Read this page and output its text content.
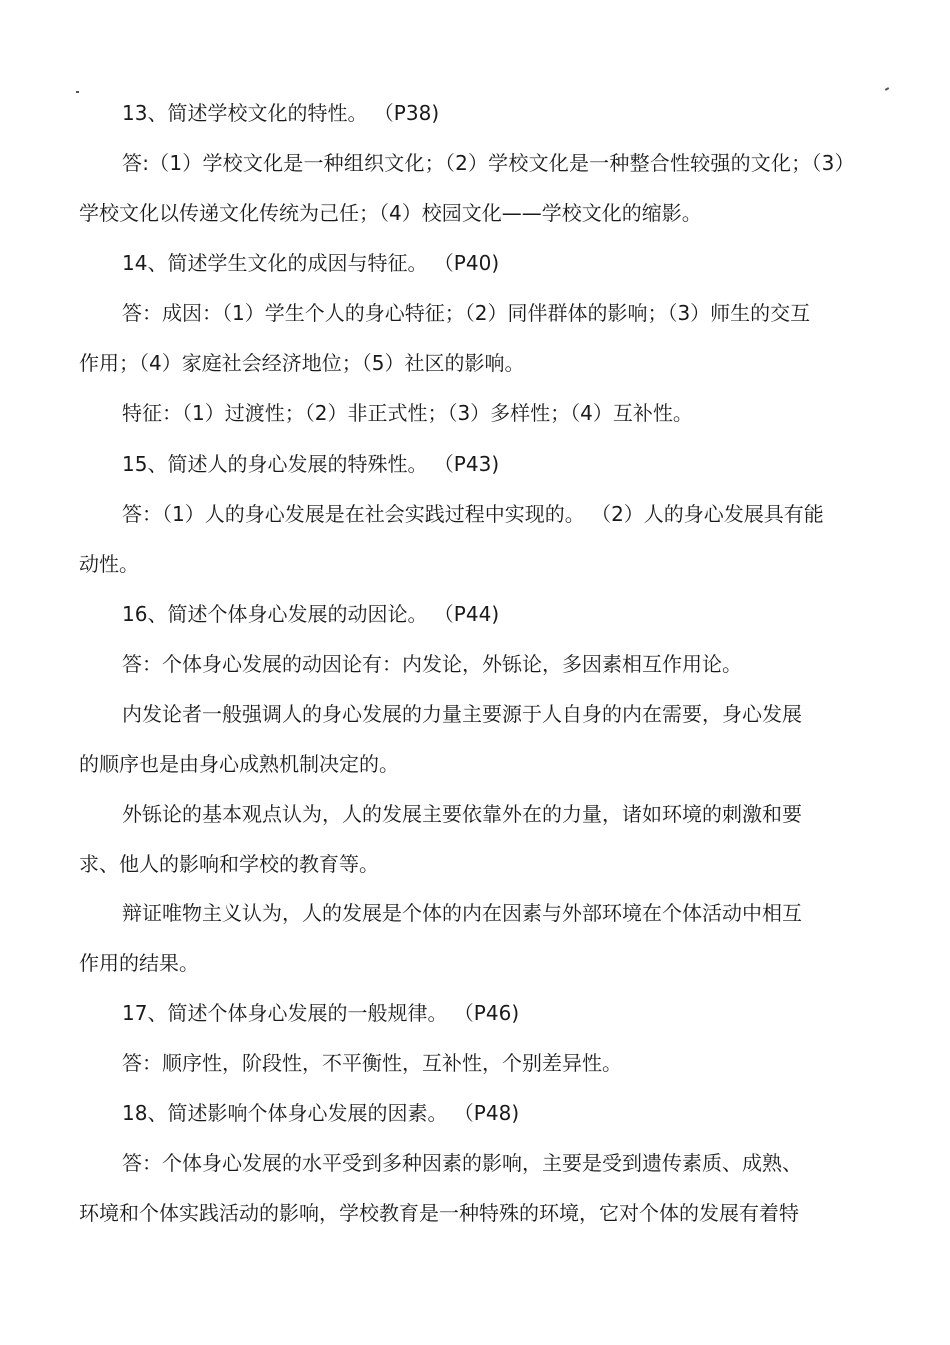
13、简述学校文化的特性。 （P38)
答:（1）学校文化是一种组织文化；（2）学校文化是一种整合性较强的文化；（3）
学校文化以传递文化传统为己任；（4）校园文化——学校文化的缩影。
14、简述学生文化的成因与特征。 （P40)
答：成因：（1）学生个人的身心特征；（2）同伴群体的影响；（3）师生的交互
作用；（4）家庭社会经济地位；（5）社区的影响。
特征：（1）过渡性；（2）非正式性；（3）多样性；（4）互补性。
15、简述人的身心发展的特殊性。 （P43)
答：（1）人的身心发展是在社会实践过程中实现的。 （2）人的身心发展具有能
动性。
16、简述个体身心发展的动因论。 （P44)
答：个体身心发展的动因论有：内发论，外铄论，多因素相互作用论。
内发论者一般强调人的身心发展的力量主要源于人自身的内在需要，身心发展
的顺序也是由身心成熟机制决定的。
外铄论的基本观点认为，人的发展主要依靠外在的力量，诸如环境的刺激和要
求、他人的影响和学校的教育等。
辩证唯物主义认为，人的发展是个体的内在因素与外部环境在个体活动中相互
作用的结果。
17、简述个体身心发展的一般规律。 （P46)
答：顺序性，阶段性，不平衡性，互补性，个别差异性。
18、简述影响个体身心发展的因素。 （P48)
答：个体身心发展的水平受到多种因素的影响，主要是受到遗传素质、成熟、
环境和个体实践活动的影响，学校教育是一种特殊的环境，它对个体的发展有着特
